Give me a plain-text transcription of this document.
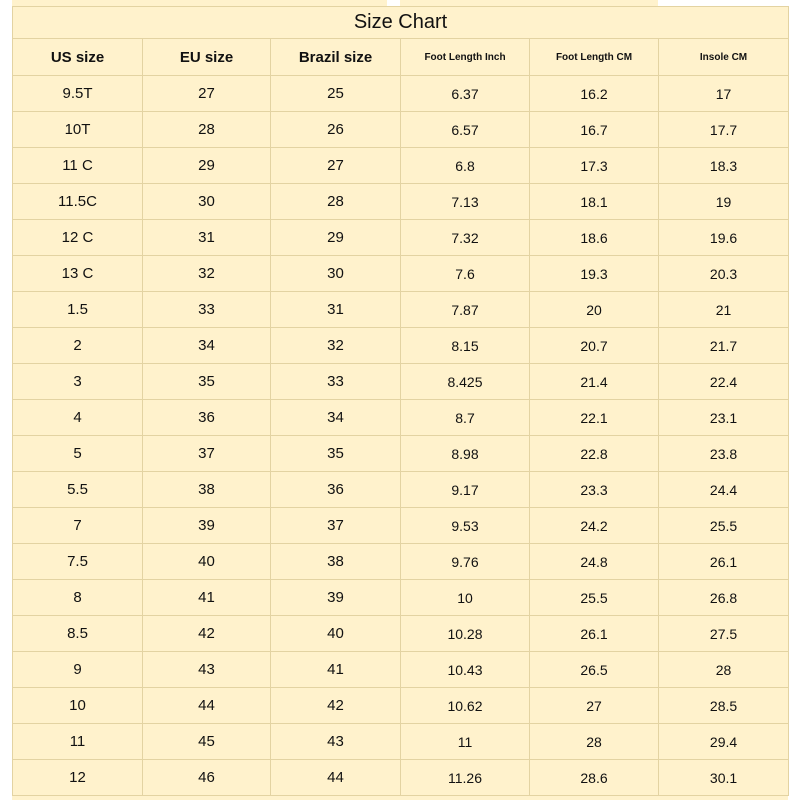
Size Chart					
US size	EU size	Brazil size	Foot Length Inch	Foot Length CM	Insole CM
9.5T	27	25	6.37	16.2	17
10T	28	26	6.57	16.7	17.7
11 C	29	27	6.8	17.3	18.3
11.5C	30	28	7.13	18.1	19
12 C	31	29	7.32	18.6	19.6
13 C	32	30	7.6	19.3	20.3
1.5	33	31	7.87	20	21
2	34	32	8.15	20.7	21.7
3	35	33	8.425	21.4	22.4
4	36	34	8.7	22.1	23.1
5	37	35	8.98	22.8	23.8
5.5	38	36	9.17	23.3	24.4
7	39	37	9.53	24.2	25.5
7.5	40	38	9.76	24.8	26.1
8	41	39	10	25.5	26.8
8.5	42	40	10.28	26.1	27.5
9	43	41	10.43	26.5	28
10	44	42	10.62	27	28.5
11	45	43	11	28	29.4
12	46	44	11.26	28.6	30.1
